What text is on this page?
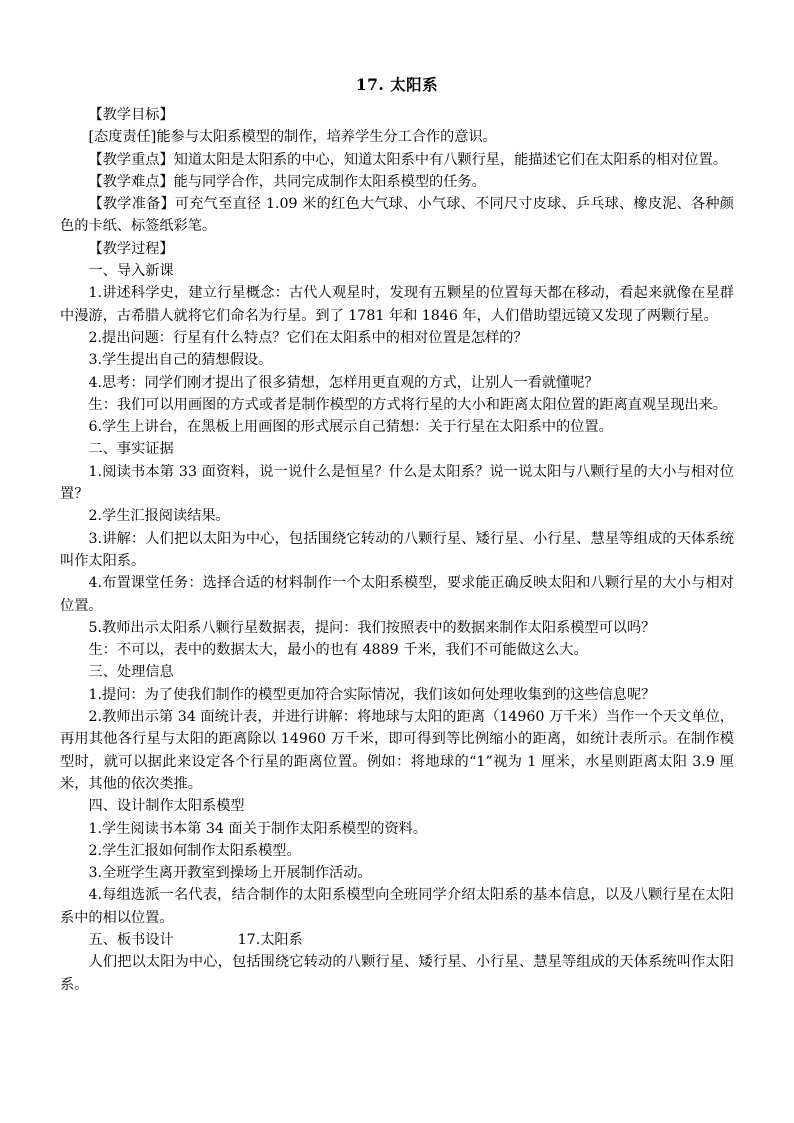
17. 太阳系

【教学目标】

[态度责任]能参与太阳系模型的制作，培养学生分工合作的意识。

【教学重点】知道太阳是太阳系的中心，知道太阳系中有八颗行星，能描述它们在太阳系的相对位置。

【教学难点】能与同学合作，共同完成制作太阳系模型的任务。

【教学准备】可充气至直径 1.09 米的红色大气球、小气球、不同尺寸皮球、乒乓球、橡皮泥、各种颜色的卡纸、标签纸彩笔。

【教学过程】

一、导入新课

1.讲述科学史，建立行星概念：古代人观星时，发现有五颗星的位置每天都在移动，看起来就像在星群中漫游，古希腊人就将它们命名为行星。到了 1781 年和 1846 年，人们借助望远镜又发现了两颗行星。

2.提出问题：行星有什么特点？它们在太阳系中的相对位置是怎样的？

3.学生提出自己的猜想假设。

4.思考：同学们刚才提出了很多猜想，怎样用更直观的方式，让别人一看就懂呢？

生：我们可以用画图的方式或者是制作模型的方式将行星的大小和距离太阳位置的距离直观呈现出来。

6.学生上讲台，在黑板上用画图的形式展示自己猜想：关于行星在太阳系中的位置。

二、事实证据

1.阅读书本第 33 面资料，说一说什么是恒星？什么是太阳系？说一说太阳与八颗行星的大小与相对位置？

2.学生汇报阅读结果。

3.讲解：人们把以太阳为中心，包括围绕它转动的八颗行星、矮行星、小行星、慧星等组成的天体系统叫作太阳系。

4.布置课堂任务：选择合适的材料制作一个太阳系模型，要求能正确反映太阳和八颗行星的大小与相对位置。

5.教师出示太阳系八颗行星数据表，提问：我们按照表中的数据来制作太阳系模型可以吗？

生：不可以，表中的数据太大，最小的也有 4889 千米，我们不可能做这么大。

三、处理信息

1.提问：为了使我们制作的模型更加符合实际情况，我们该如何处理收集到的这些信息呢？

2.教师出示第 34 面统计表，并进行讲解：将地球与太阳的距离（14960 万千米）当作一个天文单位，再用其他各行星与太阳的距离除以 14960 万千米，即可得到等比例缩小的距离，如统计表所示。在制作模型时，就可以据此来设定各个行星的距离位置。例如：将地球的“1”视为 1 厘米，水星则距离太阳 3.9 厘米，其他的依次类推。

四、设计制作太阳系模型

1.学生阅读书本第 34 面关于制作太阳系模型的资料。

2.学生汇报如何制作太阳系模型。

3.全班学生离开教室到操场上开展制作活动。

4.每组选派一名代表，结合制作的太阳系模型向全班同学介绍太阳系的基本信息，以及八颗行星在太阳系中的相以位置。

五、板书设计	17.太阳系

人们把以太阳为中心，包括围绕它转动的八颗行星、矮行星、小行星、慧星等组成的天体系统叫作太阳系。
